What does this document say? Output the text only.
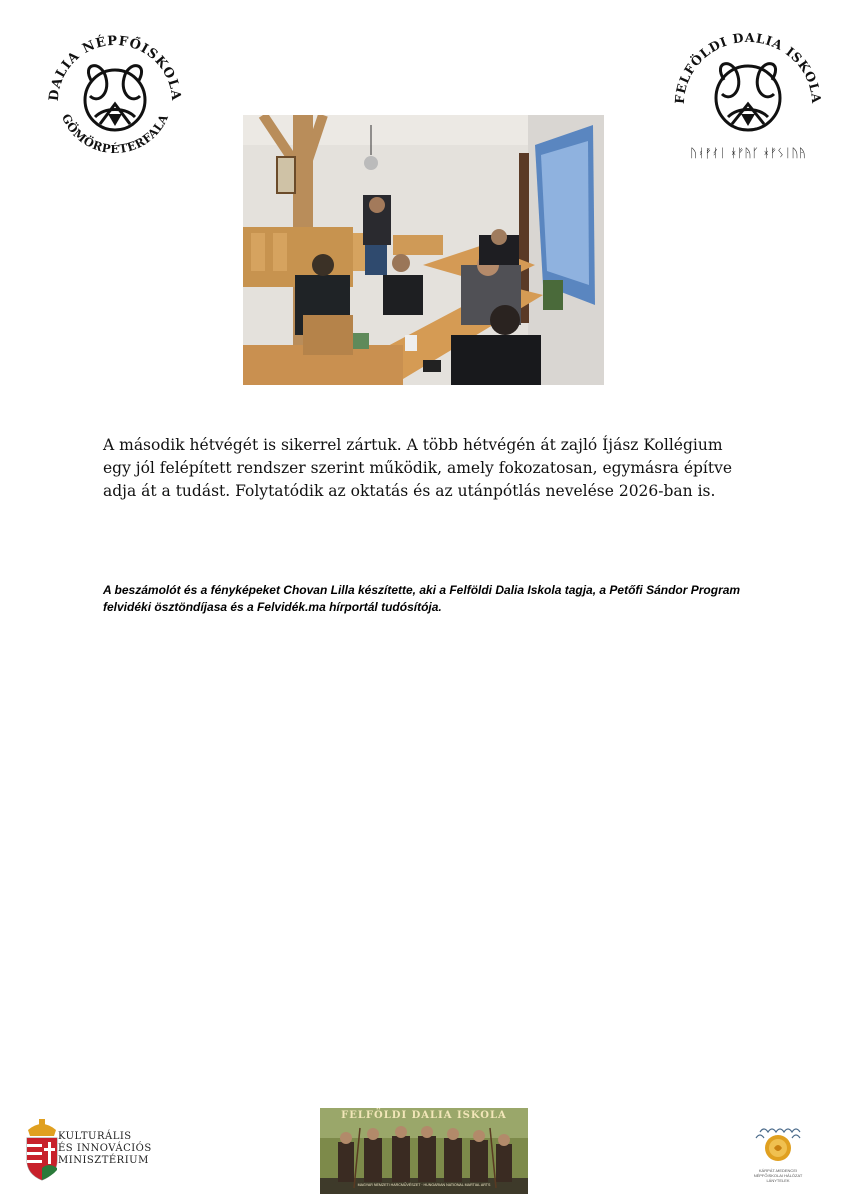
DALIA NÉPFŐISKOLA
GÖMÖRPÉTERFALA
FELFÖLDI DALIA ISKOLA
ᚢᚮᚡᚰᛁ ᚼᚠᚤᚴ ᚼᚠᛊᛁᚢᚤ
A második hétvégét is sikerrel zártuk. A több hétvégén át zajló Íjász Kollégium egy jól felépített rendszer szerint működik, amely fokozatosan, egymásra építve adja át a tudást. Folytatódik az oktatás és az utánpótlás nevelése 2026-ban is.
A beszámolót és a fényképeket Chovan Lilla készítette, aki a Felföldi Dalia Iskola tagja, a Petőfi Sándor Program felvidéki ösztöndíjasa és a Felvidék.ma hírportál tudósítója.
KULTURÁLIS
ÉS INNOVÁCIÓS
MINISZTÉRIUM
FELFÖLDI DALIA ISKOLA
MAGYAR NEMZETI HARCMŰVÉSZET · HUNGARIAN NATIONAL MARTIAL ARTS
KÁRPÁT-MEDENCEI
NÉPFŐISKOLAI HÁLÓZAT
LÁNYTELEK
